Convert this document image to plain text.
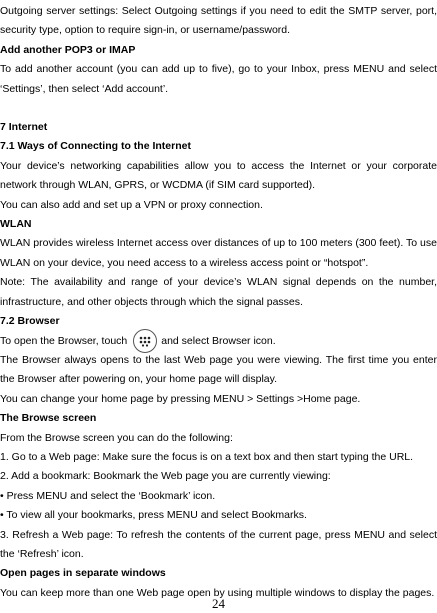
Outgoing server settings: Select Outgoing settings if you need to edit the SMTP server, port, security type, option to require sign-in, or username/password.

Add another POP3 or IMAP

To add another account (you can add up to five), go to your Inbox, press MENU and select ‘Settings’, then select ‘Add account’.

7 Internet

7.1 Ways of Connecting to the Internet

Your device’s networking capabilities allow you to access the Internet or your corporate network through WLAN, GPRS, or WCDMA (if SIM card supported).

You can also add and set up a VPN or proxy connection.

WLAN

WLAN provides wireless Internet access over distances of up to 100 meters (300 feet). To use WLAN on your device, you need access to a wireless access point or “hotspot”.

Note: The availability and range of your device’s WLAN signal depends on the number, infrastructure, and other objects through which the signal passes.

7.2 Browser

To open the Browser, touch	and select Browser icon.

The Browser always opens to the last Web page you were viewing. The first time you enter the Browser after powering on, your home page will display.

You can change your home page by pressing MENU > Settings >Home page.

The Browse screen

From the Browse screen you can do the following:

1. Go to a Web page: Make sure the focus is on a text box and then start typing the URL.

2. Add a bookmark: Bookmark the Web page you are currently viewing:

• Press MENU and select the ‘Bookmark’ icon.

• To view all your bookmarks, press MENU and select Bookmarks.

3. Refresh a Web page: To refresh the contents of the current page, press MENU and select the ‘Refresh’ icon.

Open pages in separate windows

You can keep more than one Web page open by using multiple windows to display the pages.

24
